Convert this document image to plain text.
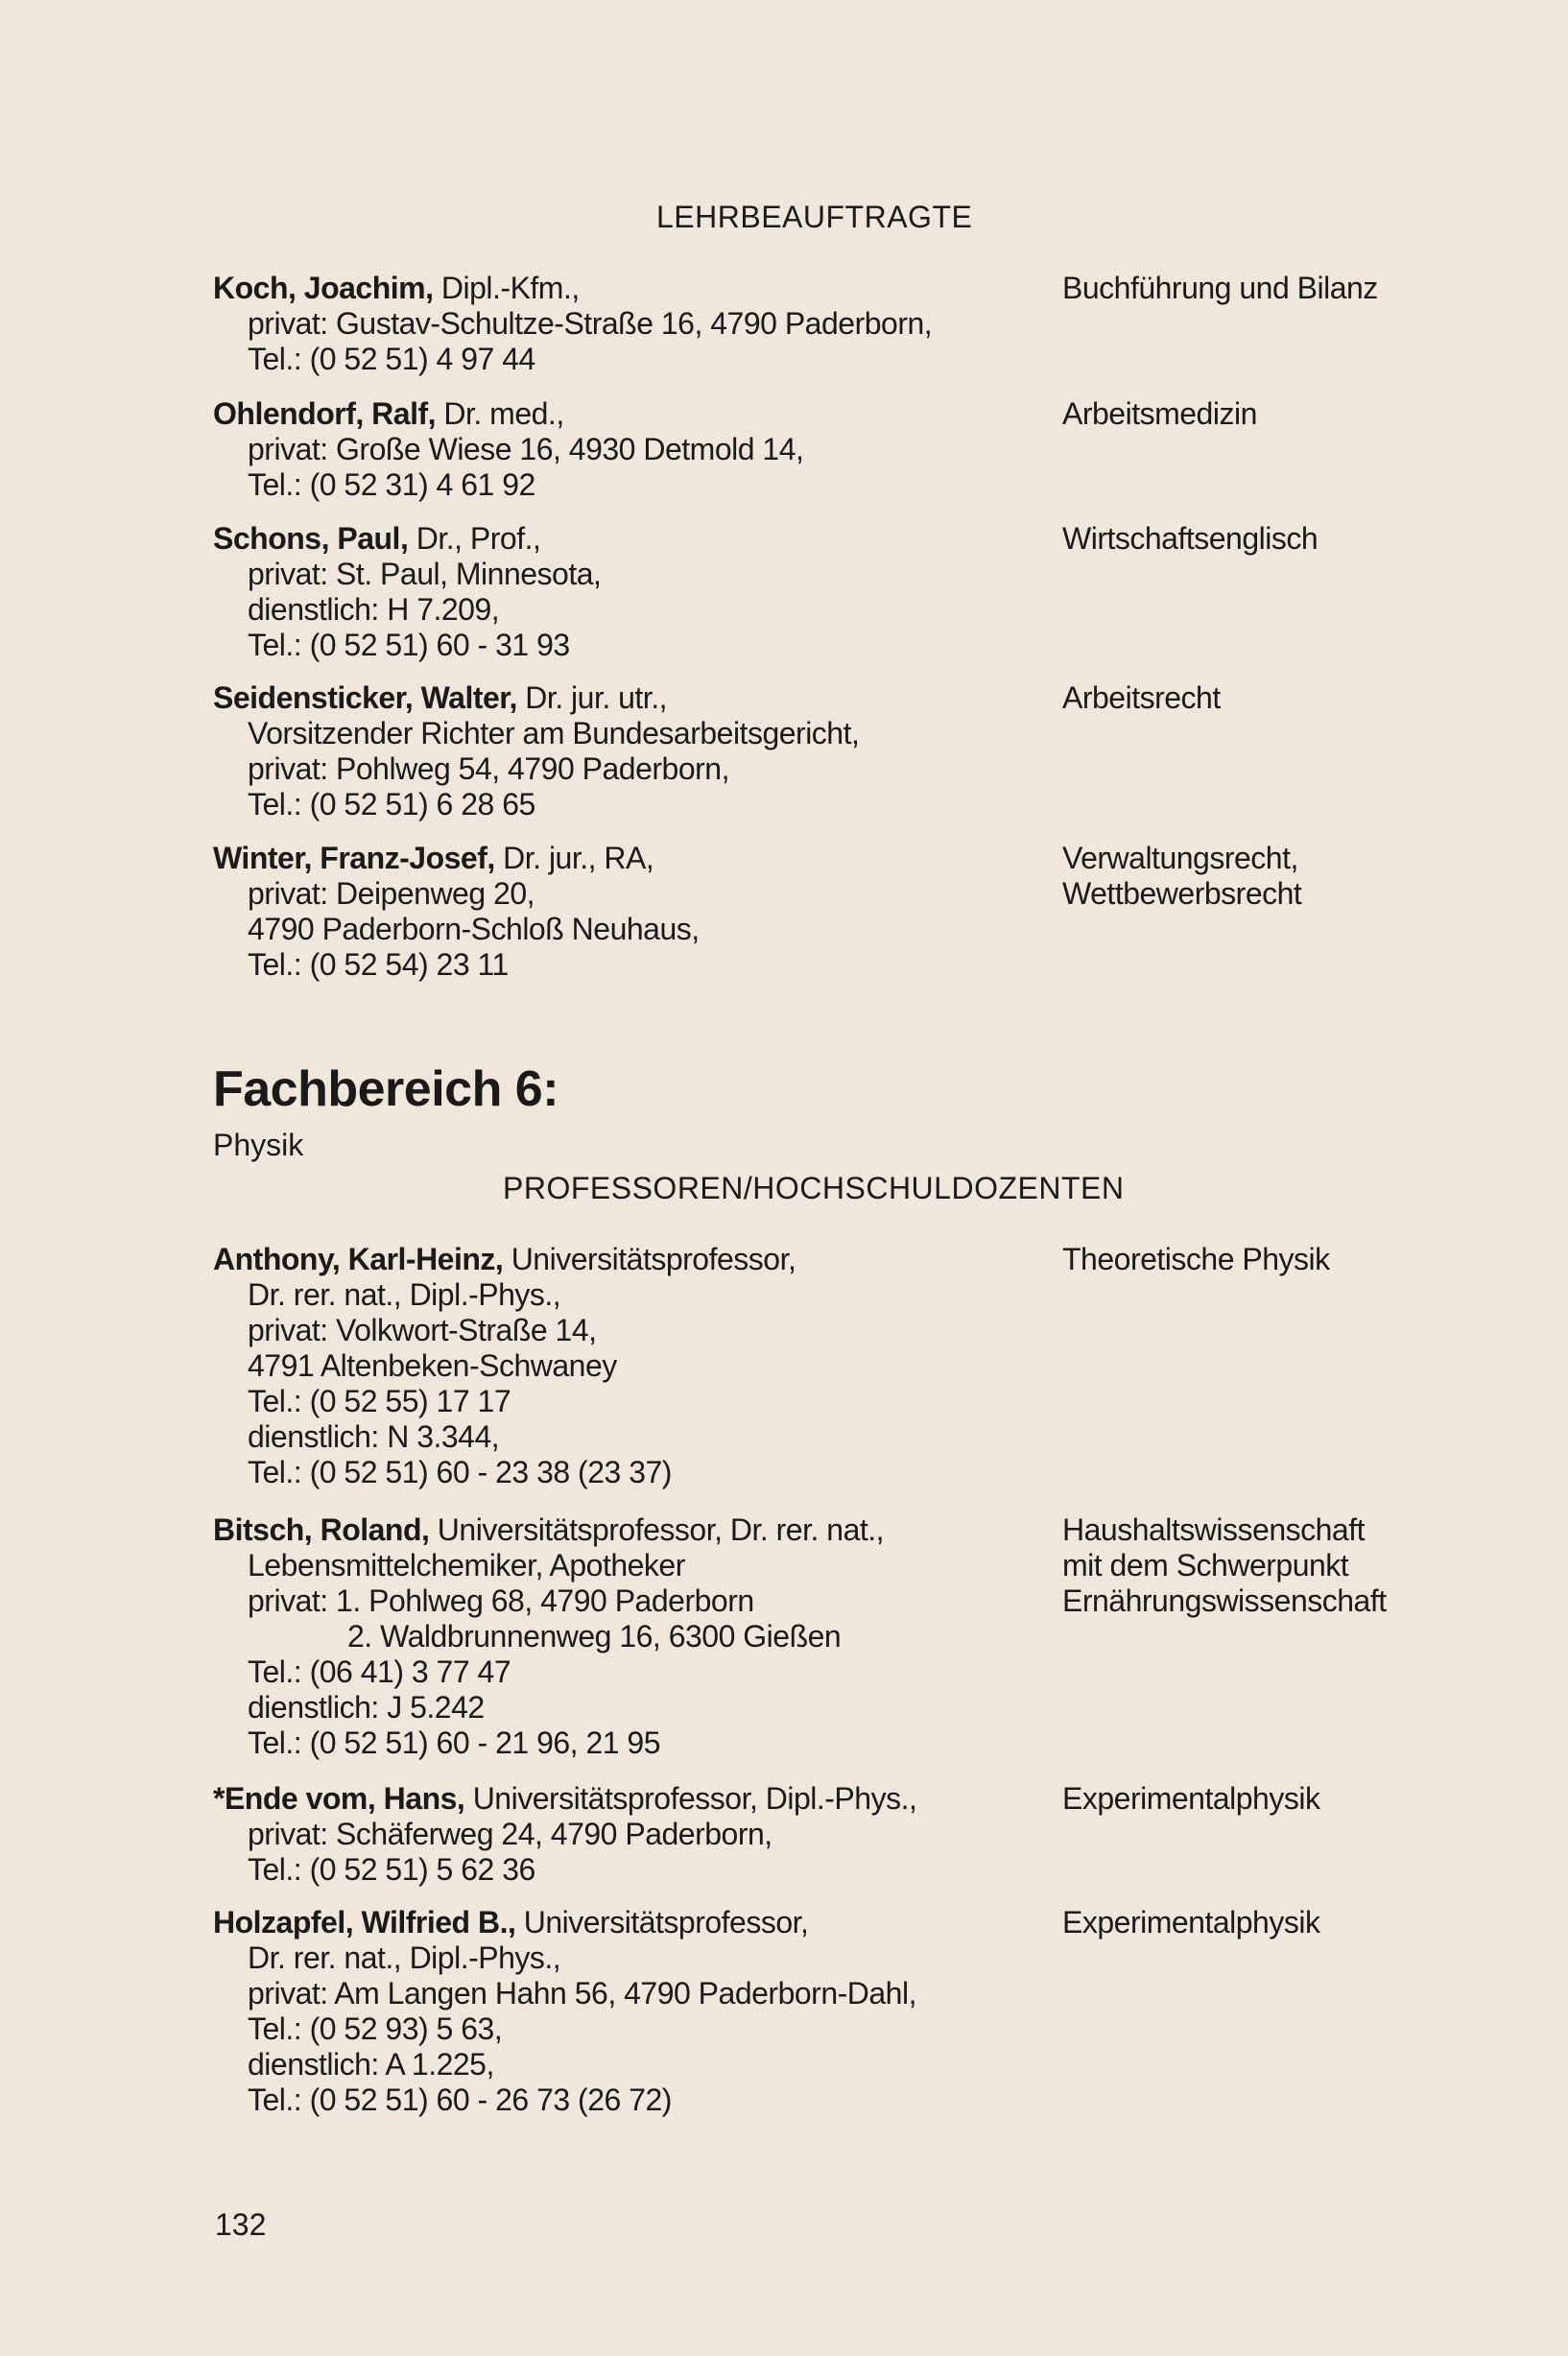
LEHRBEAUFTRAGTE
Koch, Joachim, Dipl.-Kfm.,
privat: Gustav-Schultze-Straße 16, 4790 Paderborn,
Tel.: (0 52 51) 4 97 44
Buchführung und Bilanz
Ohlendorf, Ralf, Dr. med.,
privat: Große Wiese 16, 4930 Detmold 14,
Tel.: (0 52 31) 4 61 92
Arbeitsmedizin
Schons, Paul, Dr., Prof.,
privat: St. Paul, Minnesota,
dienstlich: H 7.209,
Tel.: (0 52 51) 60 - 31 93
Wirtschaftsenglisch
Seidensticker, Walter, Dr. jur. utr.,
Vorsitzender Richter am Bundesarbeitsgericht,
privat: Pohlweg 54, 4790 Paderborn,
Tel.: (0 52 51) 6 28 65
Arbeitsrecht
Winter, Franz-Josef, Dr. jur., RA,
privat: Deipenweg 20,
4790 Paderborn-Schloß Neuhaus,
Tel.: (0 52 54) 23 11
Verwaltungsrecht,
Wettbewerbsrecht
Fachbereich 6:
Physik
PROFESSOREN/HOCHSCHULDOZENTEN
Anthony, Karl-Heinz, Universitätsprofessor,
Dr. rer. nat., Dipl.-Phys.,
privat: Volkwort-Straße 14,
4791 Altenbeken-Schwaney
Tel.: (0 52 55) 17 17
dienstlich: N 3.344,
Tel.: (0 52 51) 60 - 23 38 (23 37)
Theoretische Physik
Bitsch, Roland, Universitätsprofessor, Dr. rer. nat.,
Lebensmittelchemiker, Apotheker
privat: 1. Pohlweg 68, 4790 Paderborn
2. Waldbrunnenweg 16, 6300 Gießen
Tel.: (06 41) 3 77 47
dienstlich: J 5.242
Tel.: (0 52 51) 60 - 21 96, 21 95
Haushaltswissenschaft
mit dem Schwerpunkt
Ernährungswissenschaft
*Ende vom, Hans, Universitätsprofessor, Dipl.-Phys.,
privat: Schäferweg 24, 4790 Paderborn,
Tel.: (0 52 51) 5 62 36
Experimentalphysik
Holzapfel, Wilfried B., Universitätsprofessor,
Dr. rer. nat., Dipl.-Phys.,
privat: Am Langen Hahn 56, 4790 Paderborn-Dahl,
Tel.: (0 52 93) 5 63,
dienstlich: A 1.225,
Tel.: (0 52 51) 60 - 26 73 (26 72)
Experimentalphysik
132
